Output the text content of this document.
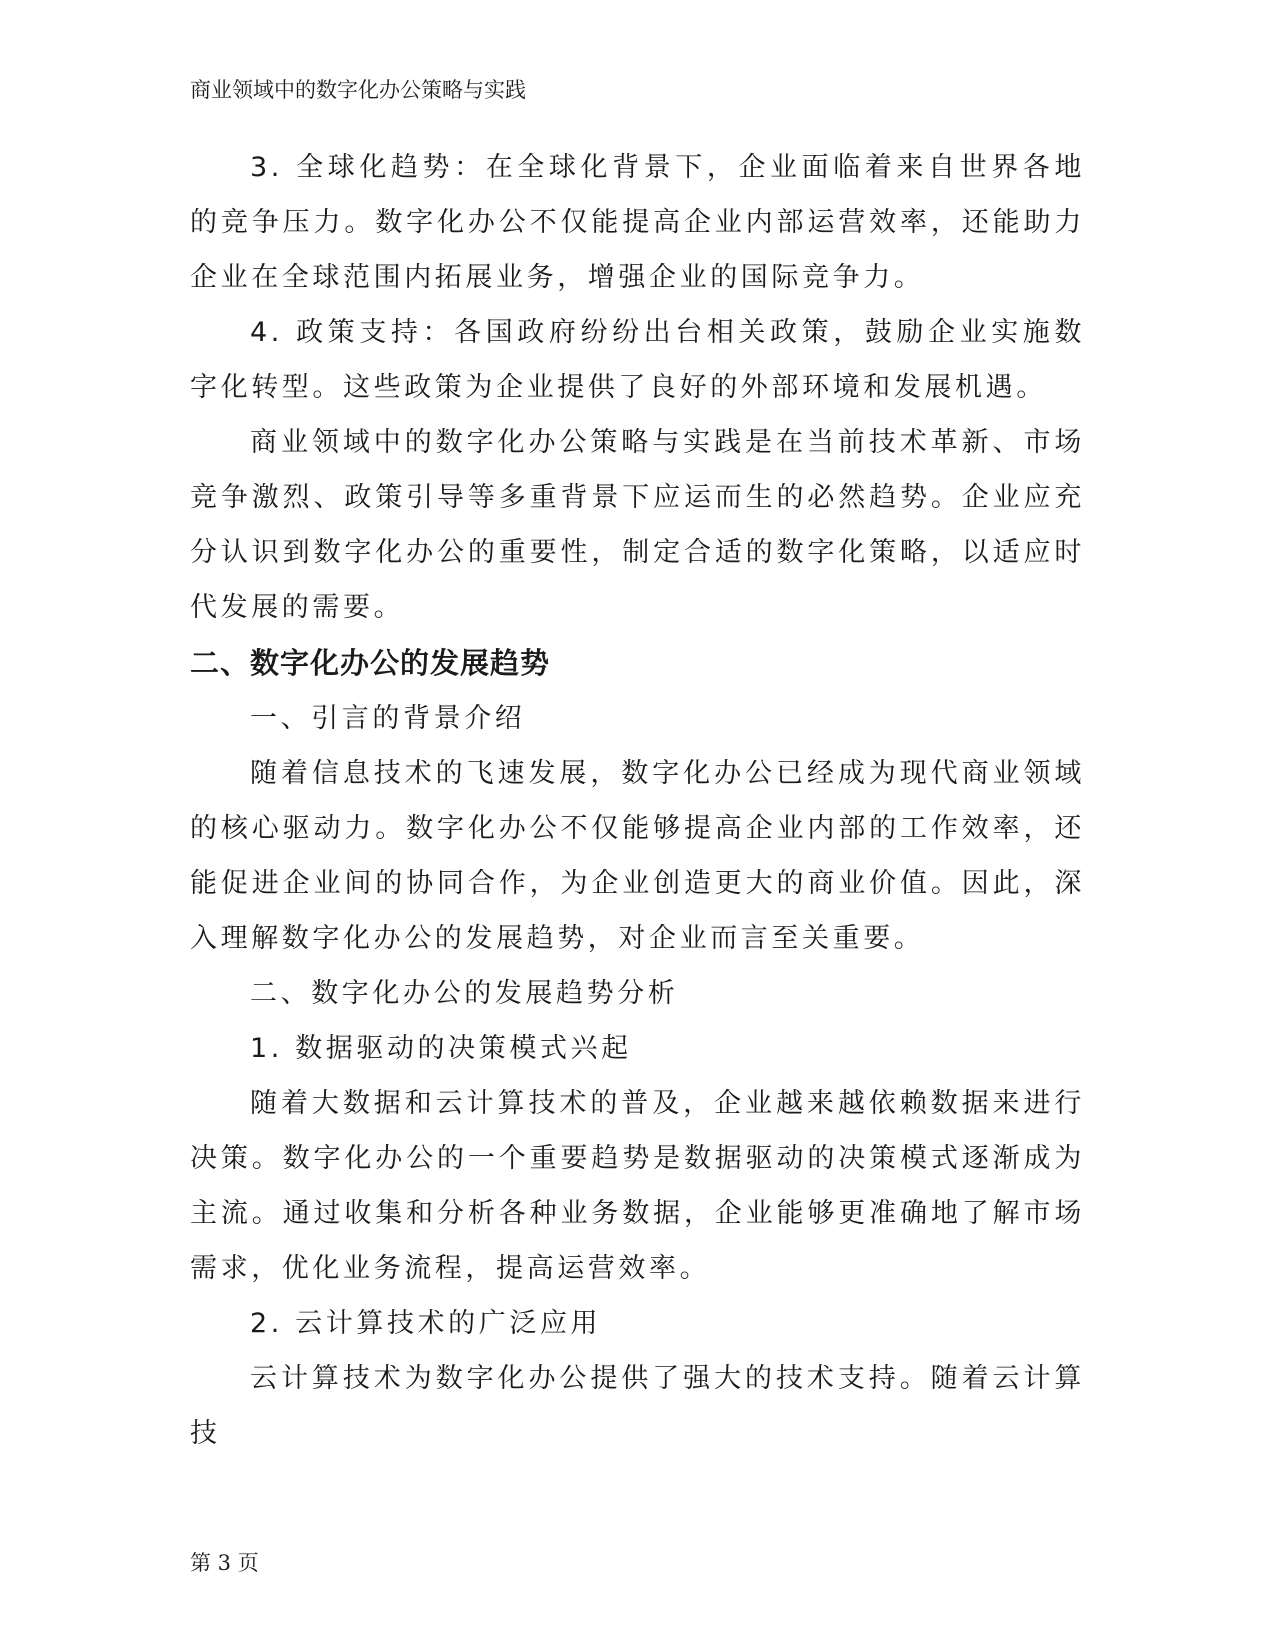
商业领域中的数字化办公策略与实践

3. 全球化趋势：在全球化背景下，企业面临着来自世界各地的竞争压力。数字化办公不仅能提高企业内部运营效率，还能助力企业在全球范围内拓展业务，增强企业的国际竞争力。

4. 政策支持：各国政府纷纷出台相关政策，鼓励企业实施数字化转型。这些政策为企业提供了良好的外部环境和发展机遇。

商业领域中的数字化办公策略与实践是在当前技术革新、市场竞争激烈、政策引导等多重背景下应运而生的必然趋势。企业应充分认识到数字化办公的重要性，制定合适的数字化策略，以适应时代发展的需要。

二、数字化办公的发展趋势

一、引言的背景介绍

随着信息技术的飞速发展，数字化办公已经成为现代商业领域的核心驱动力。数字化办公不仅能够提高企业内部的工作效率，还能促进企业间的协同合作，为企业创造更大的商业价值。因此，深入理解数字化办公的发展趋势，对企业而言至关重要。

二、数字化办公的发展趋势分析

1. 数据驱动的决策模式兴起

随着大数据和云计算技术的普及，企业越来越依赖数据来进行决策。数字化办公的一个重要趋势是数据驱动的决策模式逐渐成为主流。通过收集和分析各种业务数据，企业能够更准确地了解市场需求，优化业务流程，提高运营效率。

2. 云计算技术的广泛应用

云计算技术为数字化办公提供了强大的技术支持。随着云计算技

第 3 页
